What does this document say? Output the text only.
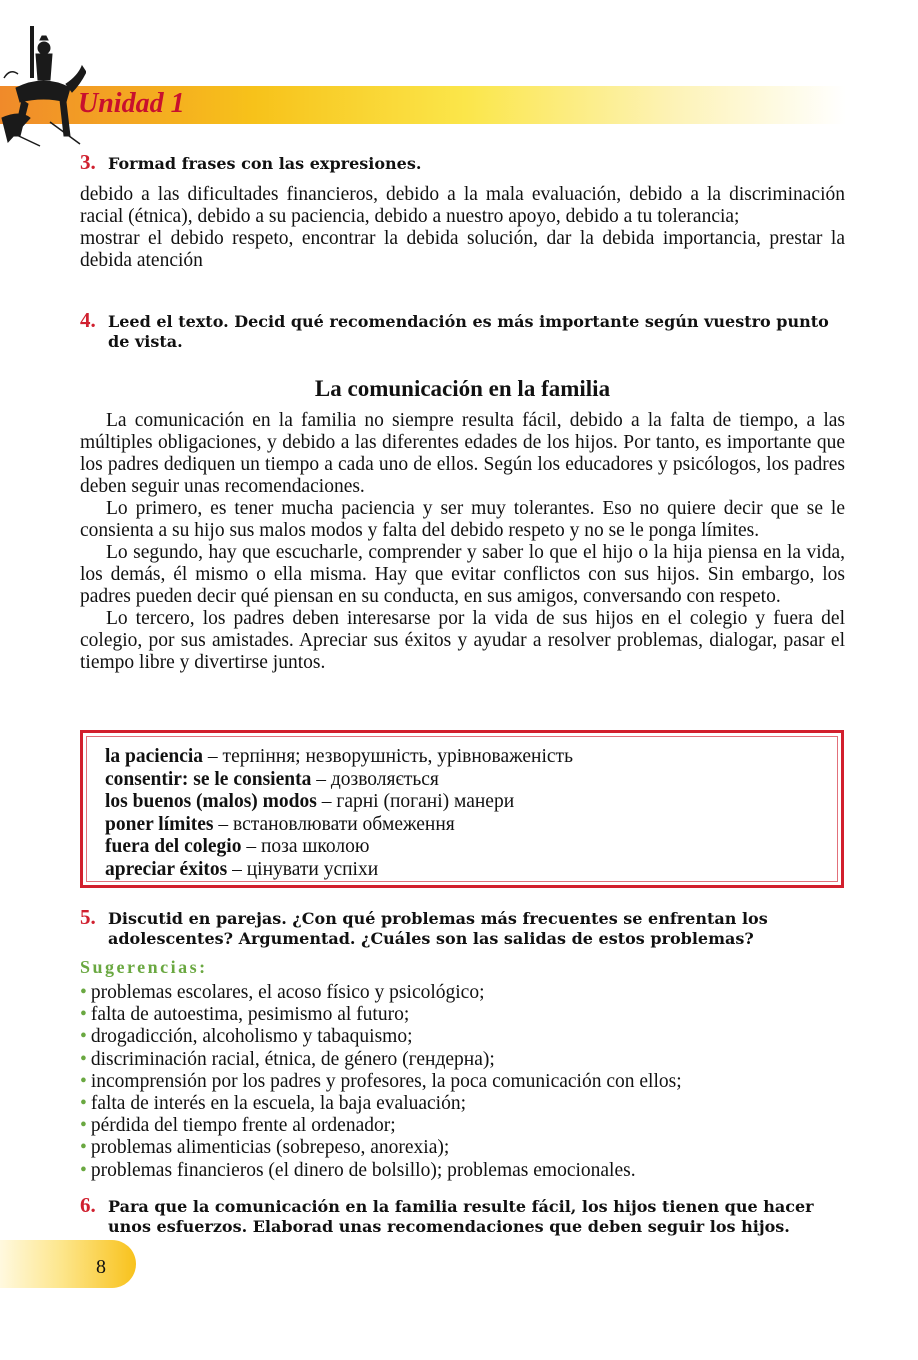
Unidad 1
3. Formad frases con las expresiones.

debido a las dificultades financieros, debido a la mala evaluación, debido a la discriminación racial (étnica), debido a su paciencia, debido a nuestro apoyo, debido a tu tolerancia;

mostrar el debido respeto, encontrar la debida solución, dar la debida importancia, prestar la debida atención

4. Leed el texto. Decid qué recomendación es más importante según vuestro punto de vista.
La comunicación en la familia

La comunicación en la familia no siempre resulta fácil, debido a la falta de tiempo, a las múltiples obligaciones, y debido a las diferentes edades de los hijos. Por tanto, es importante que los padres dediquen un tiempo a cada uno de ellos. Según los educadores y psicólogos, los padres deben seguir unas recomendaciones.

Lo primero, es tener mucha paciencia y ser muy tolerantes. Eso no quiere decir que se le consienta a su hijo sus malos modos y falta del debido respeto y no se le ponga límites.

Lo segundo, hay que escucharle, comprender y saber lo que el hijo o la hija piensa en la vida, los demás, él mismo o ella misma. Hay que evitar conflictos con sus hijos. Sin embargo, los padres pueden decir qué piensan en su conducta, en sus amigos, conversando con respeto.

Lo tercero, los padres deben interesarse por la vida de sus hijos en el colegio y fuera del colegio, por sus amistades. Apreciar sus éxitos y ayudar a resolver problemas, dialogar, pasar el tiempo libre y divertirse juntos.

la paciencia – терпіння; незворушність, урівноваженість
consentir: se le consienta – дозволяється
los buenos (malos) modos – гарні (погані) манери
poner límites – встановлювати обмеження
fuera del colegio – поза школою
apreciar éxitos – цінувати успіхи
5. Discutid en parejas. ¿Con qué problemas más frecuentes se enfrentan los adolescentes? Argumentad. ¿Cuáles son las salidas de estos problemas?
Sugerencias:
• problemas escolares, el acoso físico y psicológico;
• falta de autoestima, pesimismo al futuro;
• drogadicción, alcoholismo y tabaquismo;
• discriminación racial, étnica, de género (гендерна);
• incomprensión por los padres y profesores, la poca comunicación con ellos;
• falta de interés en la escuela, la baja evaluación;
• pérdida del tiempo frente al ordenador;
• problemas alimenticias (sobrepeso, anorexia);
• problemas financieros (el dinero de bolsillo); problemas emocionales.
6. Para que la comunicación en la familia resulte fácil, los hijos tienen que hacer unos esfuerzos. Elaborad unas recomendaciones que deben seguir los hijos.
8
